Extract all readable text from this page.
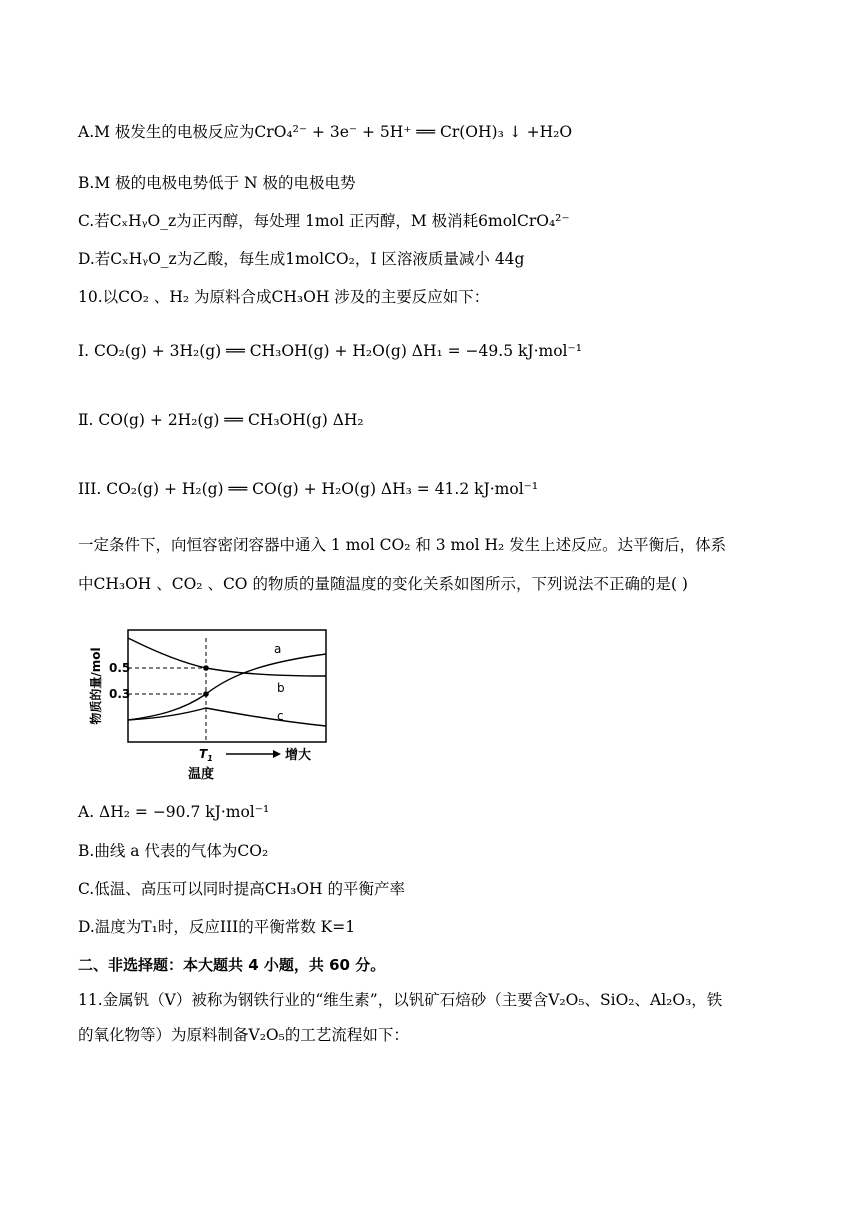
A.M 极发生的电极反应为CrO₄²⁻ + 3e⁻ + 5H⁺ ══ Cr(OH)₃ ↓ +H₂O
B.M 极的电极电势低于 N 极的电极电势
C.若CₓHᵧO_z为正丙醇，每处理 1mol 正丙醇，M 极消耗6molCrO₄²⁻
D.若CₓHᵧO_z为乙酸，每生成1molCO₂，I 区溶液质量减小 44g
10.以CO₂ 、H₂ 为原料合成CH₃OH 涉及的主要反应如下：
I. CO₂(g) + 3H₂(g) ══ CH₃OH(g) + H₂O(g) ΔH₁ = −49.5 kJ·mol⁻¹
Ⅱ. CO(g) + 2H₂(g) ══ CH₃OH(g) ΔH₂
III. CO₂(g) + H₂(g) ══ CO(g) + H₂O(g) ΔH₃ = 41.2 kJ·mol⁻¹
一定条件下，向恒容密闭容器中通入 1 mol CO₂ 和 3 mol H₂ 发生上述反应。达平衡后，体系
中CH₃OH 、CO₂ 、CO 的物质的量随温度的变化关系如图所示，下列说法不正确的是( )
物质的量/mol 0.5
0.3
a
b
c
$T_1$	增大
温度
A. ΔH₂ = −90.7 kJ·mol⁻¹
B.曲线 a 代表的气体为CO₂
C.低温、高压可以同时提高CH₃OH 的平衡产率
D.温度为T₁时，反应III的平衡常数 K=1
二、非选择题：本大题共 4 小题，共 60 分。
11.金属钒（V）被称为钢铁行业的“维生素”，以钒矿石焙砂（主要含V₂O₅、SiO₂、Al₂O₃，铁
的氧化物等）为原料制备V₂O₅的工艺流程如下：
